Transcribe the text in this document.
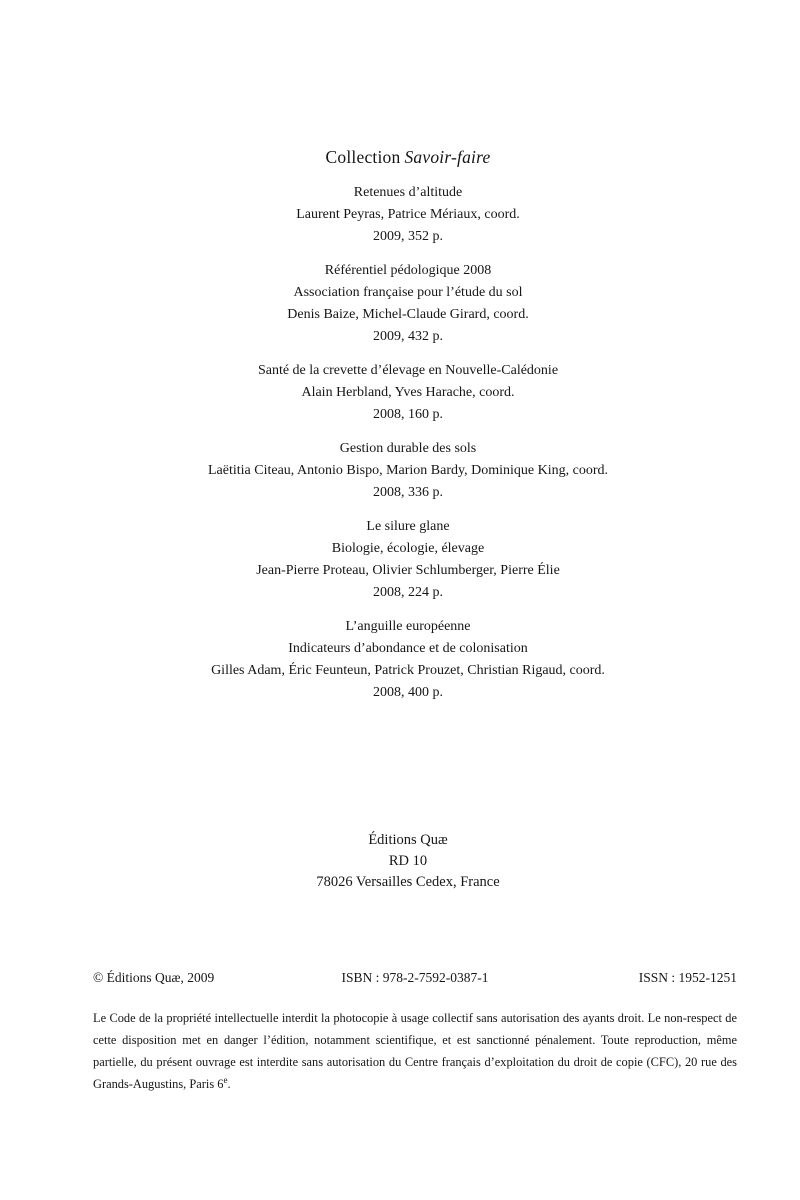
Collection Savoir-faire
Retenues d’altitude
Laurent Peyras, Patrice Mériaux, coord.
2009, 352 p.
Référentiel pédologique 2008
Association française pour l’étude du sol
Denis Baize, Michel-Claude Girard, coord.
2009, 432 p.
Santé de la crevette d’élevage en Nouvelle-Calédonie
Alain Herbland, Yves Harache, coord.
2008, 160 p.
Gestion durable des sols
Laëtitia Citeau, Antonio Bispo, Marion Bardy, Dominique King, coord.
2008, 336 p.
Le silure glane
Biologie, écologie, élevage
Jean-Pierre Proteau, Olivier Schlumberger, Pierre Élie
2008, 224 p.
L’anguille européenne
Indicateurs d’abondance et de colonisation
Gilles Adam, Éric Feunteun, Patrick Prouzet, Christian Rigaud, coord.
2008, 400 p.
Éditions Quæ
RD 10
78026 Versailles Cedex, France
© Éditions Quæ, 2009	ISBN : 978-2-7592-0387-1	ISSN : 1952-1251

Le Code de la propriété intellectuelle interdit la photocopie à usage collectif sans autorisation des ayants droit. Le non-respect de cette disposition met en danger l’édition, notamment scientifique, et est sanctionné pénalement. Toute reproduction, même partielle, du présent ouvrage est interdite sans autorisation du Centre français d’exploitation du droit de copie (CFC), 20 rue des Grands-Augustins, Paris 6e.
